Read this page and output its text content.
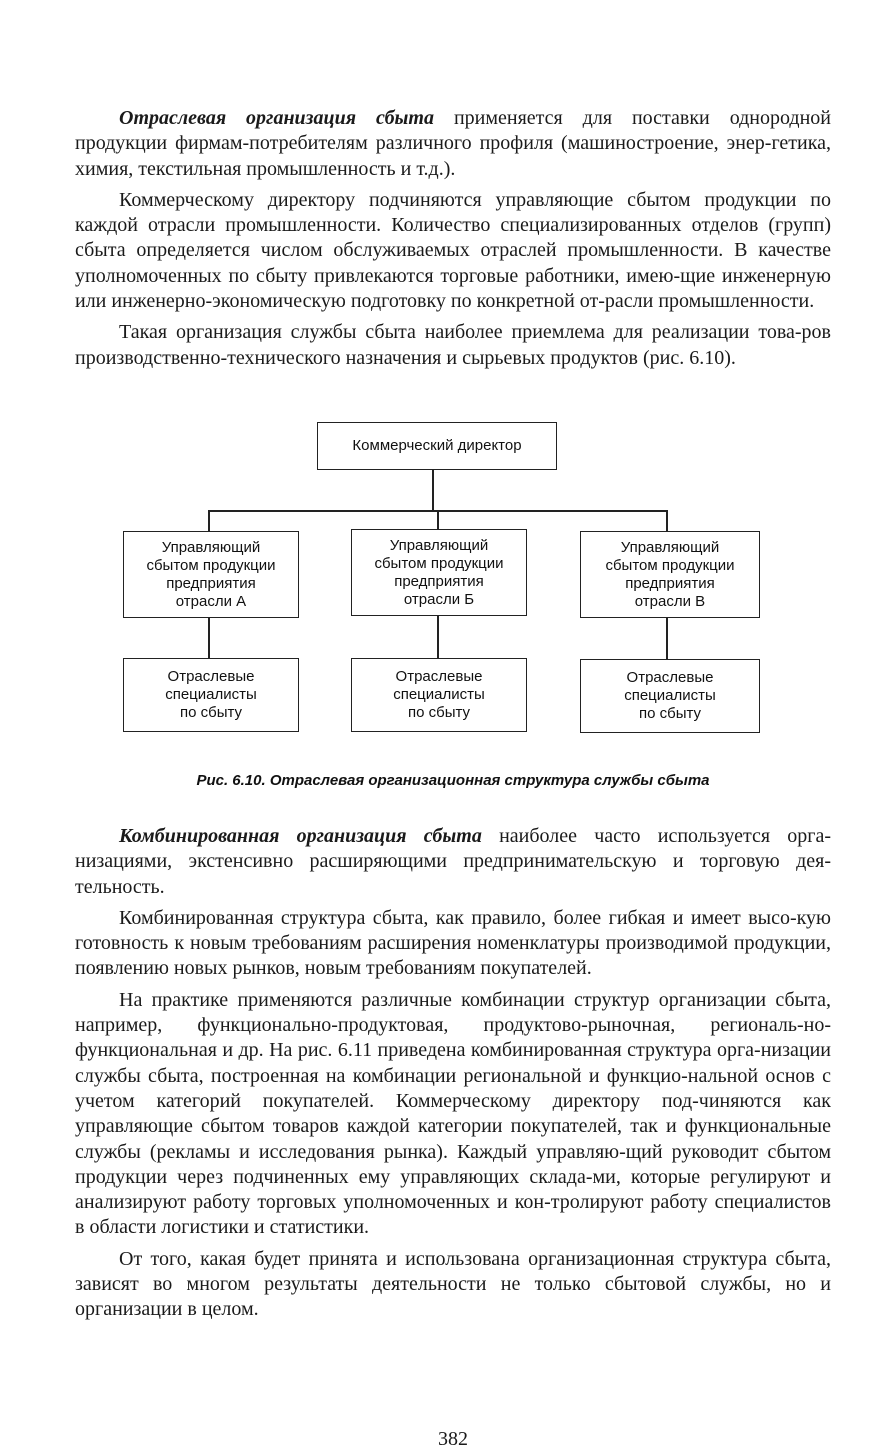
Отраслевая организация сбыта применяется для поставки однородной продукции фирмам-потребителям различного профиля (машиностроение, энер-гетика, химия, текстильная промышленность и т.д.).

Коммерческому директору подчиняются управляющие сбытом продукции по каждой отрасли промышленности. Количество специализированных отделов (групп) сбыта определяется числом обслуживаемых отраслей промышленности. В качестве уполномоченных по сбыту привлекаются торговые работники, имею-щие инженерную или инженерно-экономическую подготовку по конкретной от-расли промышленности.

Такая организация службы сбыта наиболее приемлема для реализации това-ров производственно-технического назначения и сырьевых продуктов (рис. 6.10).

Коммерческий директор
Управляющий
сбытом продукции
предприятия
отрасли А
Управляющий
сбытом продукции
предприятия
отрасли Б
Управляющий
сбытом продукции
предприятия
отрасли В
Отраслевые
специалисты
по сбыту
Отраслевые
специалисты
по сбыту
Отраслевые
специалисты
по сбыту
Рис. 6.10. Отраслевая организационная структура службы сбыта

Комбинированная организация сбыта наиболее часто используется орга-низациями, экстенсивно расширяющими предпринимательскую и торговую дея-тельность.

Комбинированная структура сбыта, как правило, более гибкая и имеет высо-кую готовность к новым требованиям расширения номенклатуры производимой продукции, появлению новых рынков, новым требованиям покупателей.

На практике применяются различные комбинации структур организации сбыта, например, функционально-продуктовая, продуктово-рыночная, региональ-но-функциональная и др. На рис. 6.11 приведена комбинированная структура орга-низации службы сбыта, построенная на комбинации региональной и функцио-нальной основ с учетом категорий покупателей. Коммерческому директору под-чиняются как управляющие сбытом товаров каждой категории покупателей, так и функциональные службы (рекламы и исследования рынка). Каждый управляю-щий руководит сбытом продукции через подчиненных ему управляющих склада-ми, которые регулируют и анализируют работу торговых уполномоченных и кон-тролируют работу специалистов в области логистики и статистики.

От того, какая будет принята и использована организационная структура сбыта, зависят во многом результаты деятельности не только сбытовой службы, но и организации в целом.

382
